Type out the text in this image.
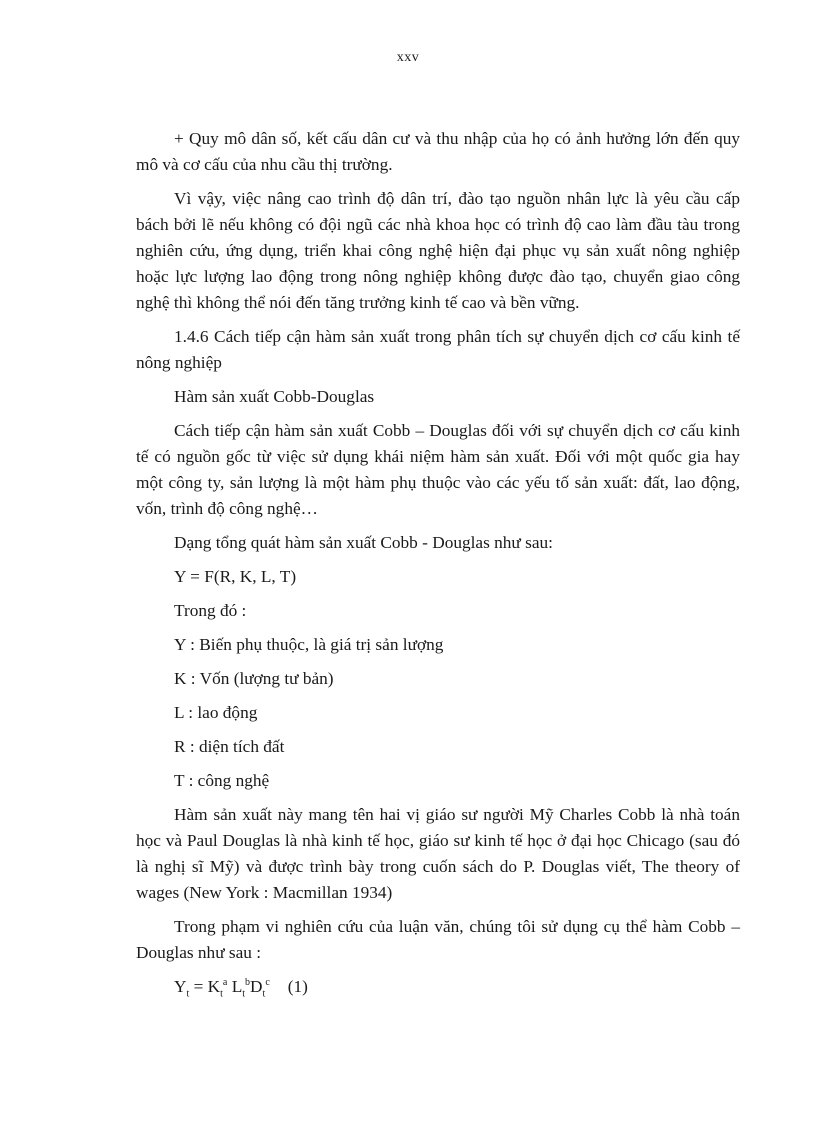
xxv

+ Quy mô dân số, kết cấu dân cư và thu nhập của họ có ảnh hưởng lớn đến quy mô và cơ cấu của nhu cầu thị trường.

Vì vậy, việc nâng cao trình độ dân trí, đào tạo nguồn nhân lực là yêu cầu cấp bách bởi lẽ nếu không có đội ngũ các nhà khoa học có trình độ cao làm đầu tàu trong nghiên cứu, ứng dụng, triển khai công nghệ hiện đại phục vụ sản xuất nông nghiệp hoặc lực lượng lao động trong nông nghiệp không được đào tạo, chuyển giao công nghệ thì không thể nói đến tăng trưởng kinh tế cao và bền vững.

1.4.6 Cách tiếp cận hàm sản xuất trong phân tích sự chuyển dịch cơ cấu kinh tế nông nghiệp

Hàm sản xuất Cobb-Douglas

Cách tiếp cận hàm sản xuất Cobb – Douglas đối với sự chuyển dịch cơ cấu kinh tế có nguồn gốc từ việc sử dụng khái niệm hàm sản xuất. Đối với một quốc gia hay một công ty, sản lượng là một hàm phụ thuộc vào các yếu tố sản xuất: đất, lao động, vốn, trình độ công nghệ…

Dạng tổng quát hàm sản xuất Cobb - Douglas như sau:
Y = F(R, K, L, T)
Trong đó :
Y : Biến phụ thuộc, là giá trị sản lượng
K : Vốn (lượng tư bản)
L : lao động
R : diện tích đất
T : công nghệ

Hàm sản xuất này mang tên hai vị giáo sư người Mỹ Charles Cobb là nhà toán học và Paul Douglas là nhà kinh tế học, giáo sư kinh tế học ở đại học Chicago (sau đó là nghị sĩ Mỹ) và được trình bày trong cuốn sách do P. Douglas viết, The theory of wages (New York : Macmillan 1934)

Trong phạm vi nghiên cứu của luận văn, chúng tôi sử dụng cụ thể hàm Cobb – Douglas như sau :

$Y_t = K_t^a$ $L_t^bD_t^c$ (1)
